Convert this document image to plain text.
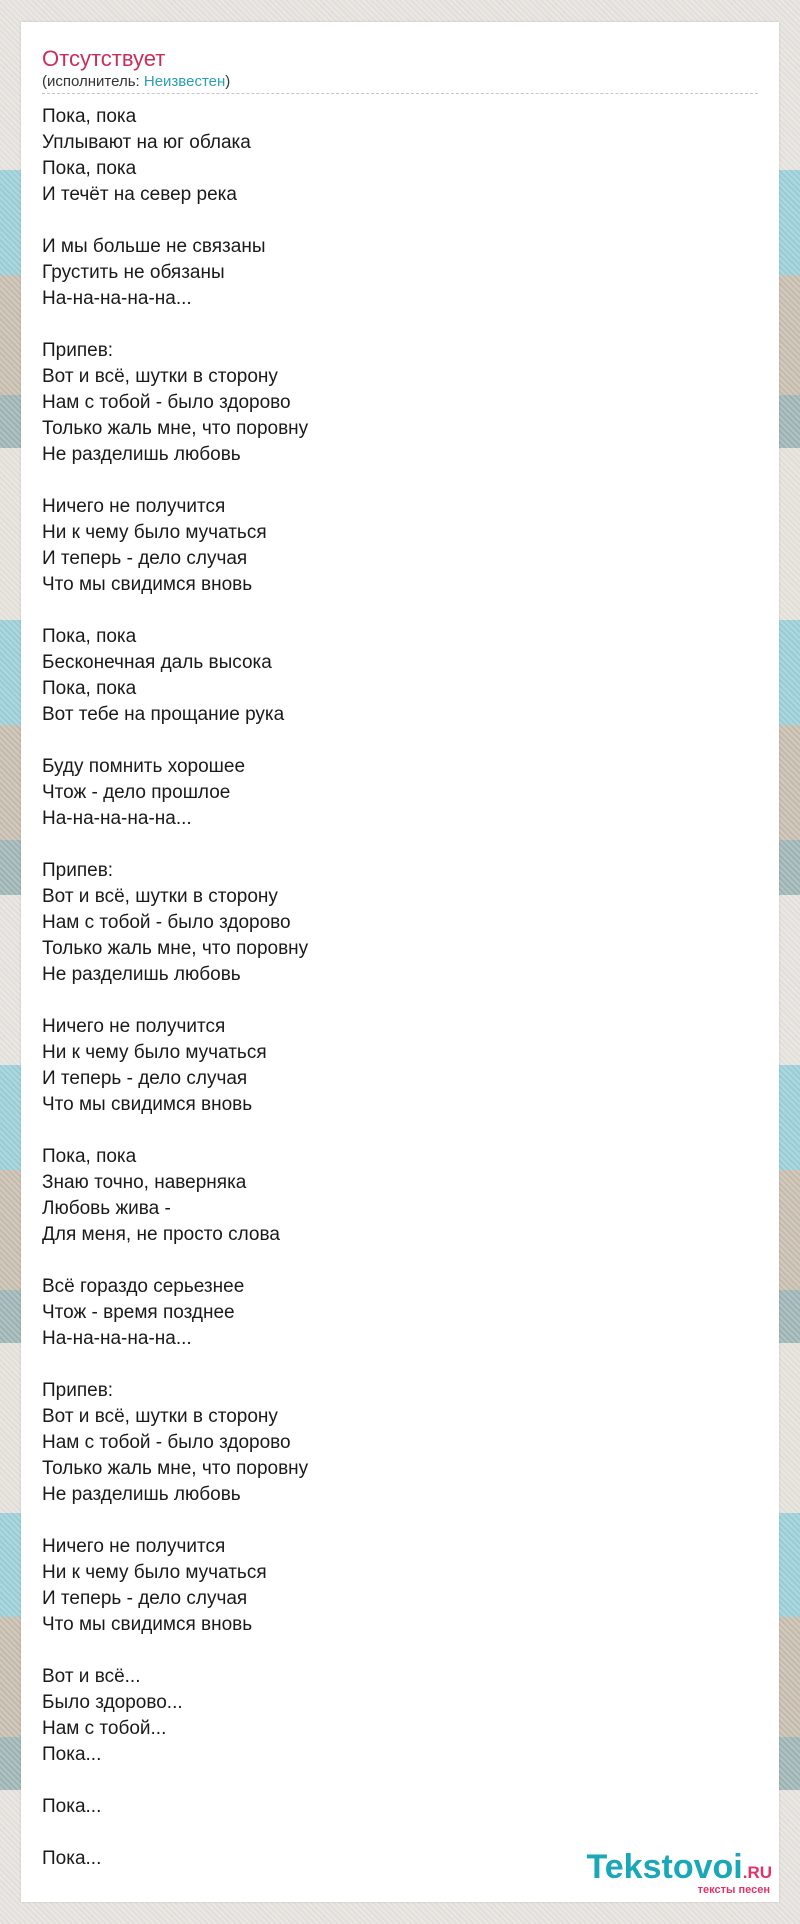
Отсутствует
(исполнитель: Неизвестен)
Пока, пока
Уплывают на юг облака
Пока, пока
И течёт на север река
И мы больше не связаны
Грустить не обязаны
На-на-на-на-на...
Припев:
Вот и всё, шутки в сторону
Нам с тобой - было здорово
Только жаль мне, что поровну
Не разделишь любовь
Ничего не получится
Ни к чему было мучаться
И теперь - дело случая
Что мы свидимся вновь
Пока, пока
Бесконечная даль высока
Пока, пока
Вот тебе на прощание рука
Буду помнить хорошее
Чтож - дело прошлое
На-на-на-на-на...
Припев:
Вот и всё, шутки в сторону
Нам с тобой - было здорово
Только жаль мне, что поровну
Не разделишь любовь
Ничего не получится
Ни к чему было мучаться
И теперь - дело случая
Что мы свидимся вновь
Пока, пока
Знаю точно, наверняка
Любовь жива -
Для меня, не просто слова
Всё гораздо серьезнее
Чтож - время позднее
На-на-на-на-на...
Припев:
Вот и всё, шутки в сторону
Нам с тобой - было здорово
Только жаль мне, что поровну
Не разделишь любовь
Ничего не получится
Ни к чему было мучаться
И теперь - дело случая
Что мы свидимся вновь
Вот и всё...
Было здорово...
Нам с тобой...
Пока...
Пока...
Пока...	Tekstovoi.RU
тексты песен
